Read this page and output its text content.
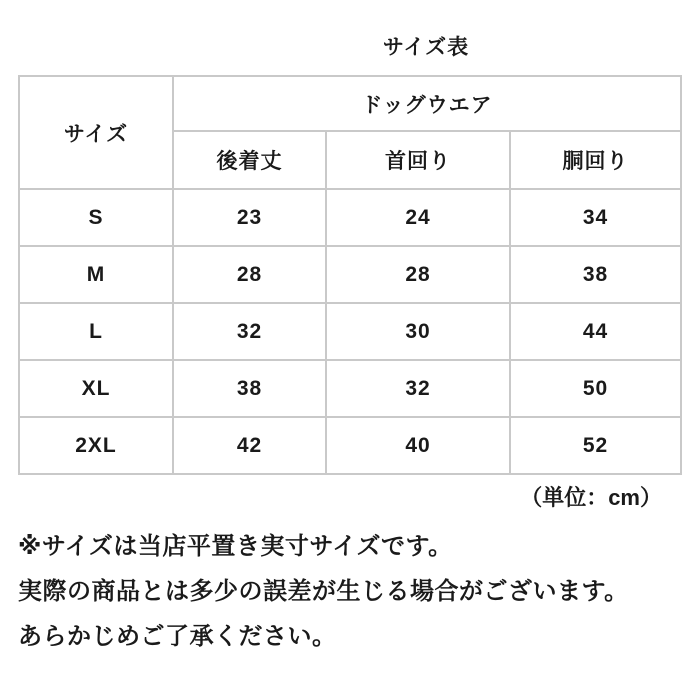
サイズ表
サイズ	ドッグウエア		
	後着丈	首回り	胴回り
S	23	24	34
M	28	28	38
L	32	30	44
XL	38	32	50
2XL	42	40	52
（単位：cm）
※サイズは当店平置き実寸サイズです。
実際の商品とは多少の誤差が生じる場合がございます。
あらかじめご了承ください。
